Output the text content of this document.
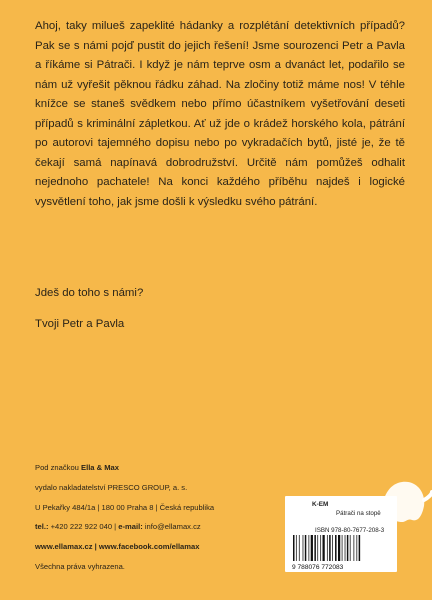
Ahoj, taky milueš zapeklité hádanky a rozplétání detektivních případů? Pak se s námi pojď pustit do jejich řešení! Jsme sourozenci Petr a Pavla a říkáme si Pátrači. I když je nám teprve osm a dvanáct let, podařilo se nám už vyřešit pěknou řádku záhad. Na zločiny totiž máme nos! V téhle knížce se staneš svědkem nebo přímo účastníkem vyšetřování deseti případů s kriminální zápletkou. Ať už jde o krádež horského kola, pátrání po autorovi tajemného dopisu nebo po vykradačích bytů, jisté je, že tě čekají samá napínavá dobrodružství. Určitě nám pomůžeš odhalit nejednoho pachatele! Na konci každého příběhu najdeš i logické vysvětlení toho, jak jsme došli k výsledku svého pátrání.

Jdeš do toho s námi?

Tvoji Petr a Pavla

Pod značkou Ella & Max
vydalo nakladatelství PRESCO GROUP, a. s.
U Pekařky 484/1a | 180 00 Praha 8 | Česká republika
tel.: +420 222 922 040 | e-mail: info@ellamax.cz
www.ellamax.cz | www.facebook.com/ellamax
Všechna práva vyhrazena.
K-EM
Pátrači na stopě
ISBN 978-80-7677-208-3
9 788076 772083
